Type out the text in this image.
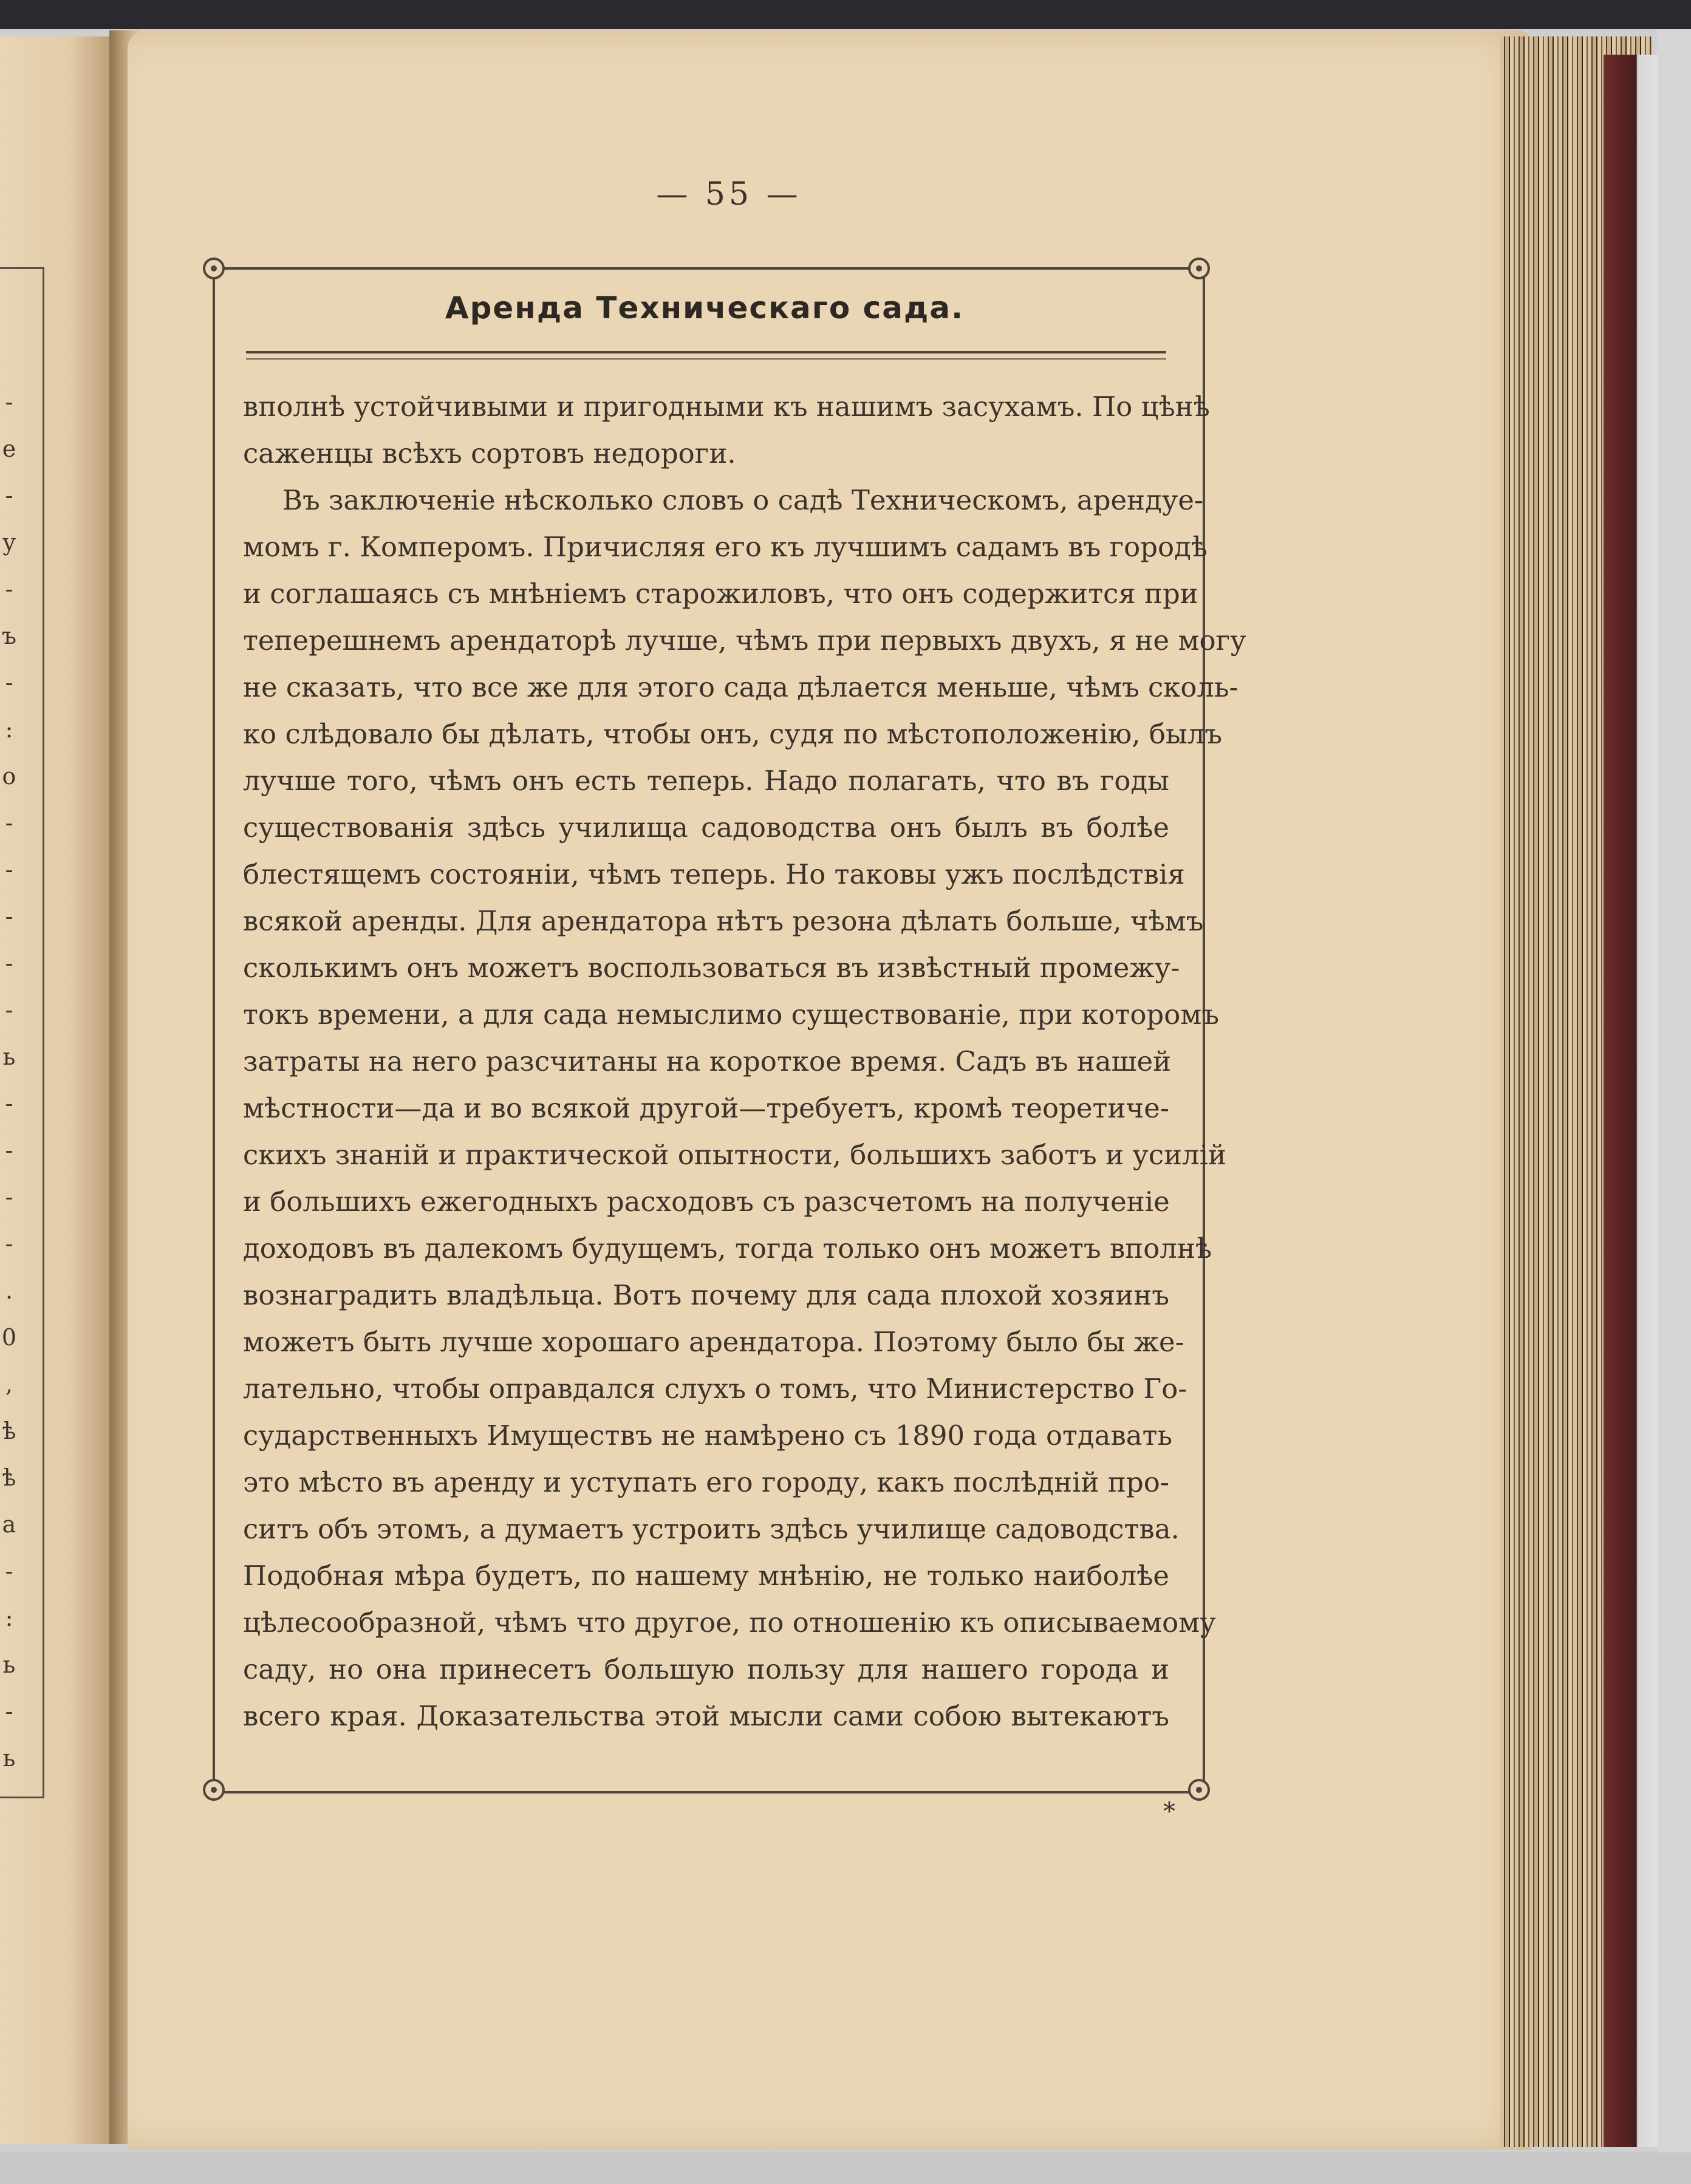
-
е
-
у
-
ъ
-
:
о
-
-
-
-
-
ь
-
-
-
-
.
0
,
ѣ
ѣ
а
-
:
ь
-
ь
— 55 —
Аренда Техническаго сада.
вполнѣ устойчивыми и пригодными къ нашимъ засухамъ. По цѣнѣ
саженцы всѣхъ сортовъ недороги.
Въ заключеніе нѣсколько словъ о садѣ Техническомъ, арендуе-
момъ г. Комперомъ. Причисляя его къ лучшимъ садамъ въ городѣ
и соглашаясь съ мнѣніемъ старожиловъ, что онъ содержится при
теперешнемъ арендаторѣ лучше, чѣмъ при первыхъ двухъ, я не могу
не сказать, что все же для этого сада дѣлается меньше, чѣмъ сколь-
ко слѣдовало бы дѣлать, чтобы онъ, судя по мѣстоположенію, былъ
лучше того, чѣмъ онъ есть теперь. Надо полагать, что въ годы
существованія здѣсь училища садоводства онъ былъ въ болѣе
блестящемъ состояніи, чѣмъ теперь. Но таковы ужъ послѣдствія
всякой аренды. Для арендатора нѣтъ резона дѣлать больше, чѣмъ
сколькимъ онъ можетъ воспользоваться въ извѣстный промежу-
токъ времени, а для сада немыслимо существованіе, при которомъ
затраты на него разсчитаны на короткое время. Садъ въ нашей
мѣстности—да и во всякой другой—требуетъ, кромѣ теоретиче-
скихъ знаній и практической опытности, большихъ заботъ и усилій
и большихъ ежегодныхъ расходовъ съ разсчетомъ на полученіе
доходовъ въ далекомъ будущемъ, тогда только онъ можетъ вполнѣ
вознаградить владѣльца. Вотъ почему для сада плохой хозяинъ
можетъ быть лучше хорошаго арендатора. Поэтому было бы же-
лательно, чтобы оправдался слухъ о томъ, что Министерство Го-
сударственныхъ Имуществъ не намѣрено съ 1890 года отдавать
это мѣсто въ аренду и уступать его городу, какъ послѣдній про-
ситъ объ этомъ, а думаетъ устроить здѣсь училище садоводства.
Подобная мѣра будетъ, по нашему мнѣнію, не только наиболѣе
цѣлесообразной, чѣмъ что другое, по отношенію къ описываемому
саду, но она принесетъ большую пользу для нашего города и
всего края. Доказательства этой мысли сами собою вытекаютъ
*
